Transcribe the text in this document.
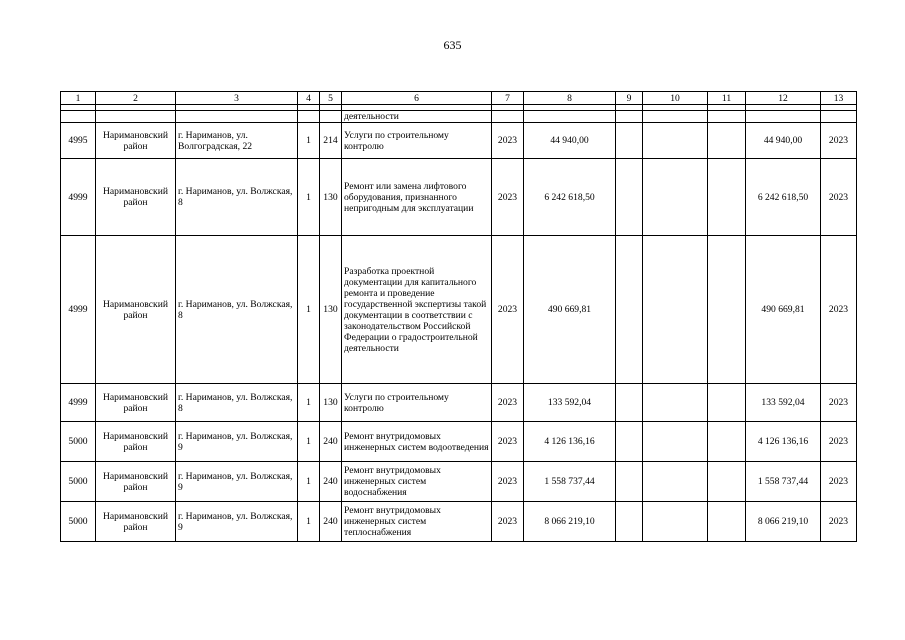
635
1	2	3	4	5	6	7	8	9	10	11	12	13

					деятельности							
4995	Наримановский район	г. Нариманов, ул. Волгоградская, 22	1	214	Услуги по строительному контролю	2023	44 940,00				44 940,00	2023
4999	Наримановский район	г. Нариманов, ул. Волжская, 8	1	130	Ремонт или замена лифтового оборудования, признанного непригодным для эксплуатации	2023	6 242 618,50				6 242 618,50	2023
4999	Наримановский район	г. Нариманов, ул. Волжская, 8	1	130	Разработка проектной документации для капитального ремонта и проведение государственной экспертизы такой документации в соответствии с законодательством Российской Федерации о градостроительной деятельности	2023	490 669,81				490 669,81	2023
4999	Наримановский район	г. Нариманов, ул. Волжская, 8	1	130	Услуги по строительному контролю	2023	133 592,04				133 592,04	2023
5000	Наримановский район	г. Нариманов, ул. Волжская, 9	1	240	Ремонт внутридомовых инженерных систем водоотведения	2023	4 126 136,16				4 126 136,16	2023
5000	Наримановский район	г. Нариманов, ул. Волжская, 9	1	240	Ремонт внутридомовых инженерных систем водоснабжения	2023	1 558 737,44				1 558 737,44	2023
5000	Наримановский район	г. Нариманов, ул. Волжская, 9	1	240	Ремонт внутридомовых инженерных систем теплоснабжения	2023	8 066 219,10				8 066 219,10	2023
